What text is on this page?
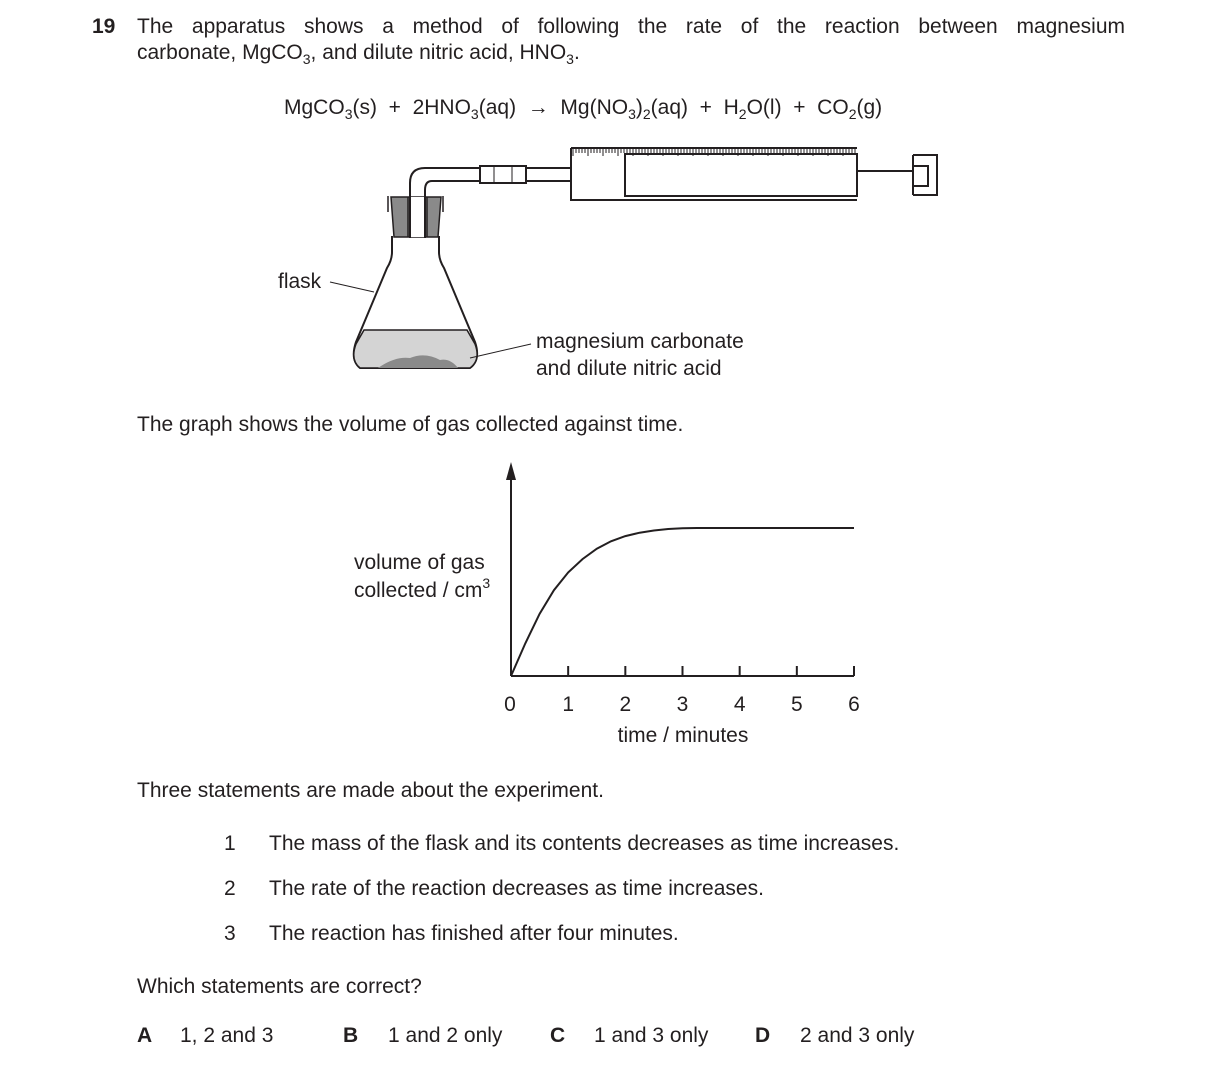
19 The apparatus shows a method of following the rate of the reaction between magnesium
carbonate, MgCO$_3$, and dilute nitric acid, $HNO_3$.
MgCO$_3$(s)  +  $2HNO_3(aq) \to Mg(NO_3)_2(aq) + H_2O(l) + CO_2(g)$
flask
magnesium carbonate
and dilute nitric acid
The graph shows the volume of gas collected against time.
0 1 2 3 4 5 6
volume of gas
collected / $cm^3$
time / minutes
Three statements are made about the experiment.
1 The mass of the flask and its contents decreases as time increases.
2 The rate of the reaction decreases as time increases.
3 The reaction has finished after four minutes.
Which statements are correct?
A 1, 2 and 3	B 1 and 2 only C 1 and 3 only D 2 and 3 only
